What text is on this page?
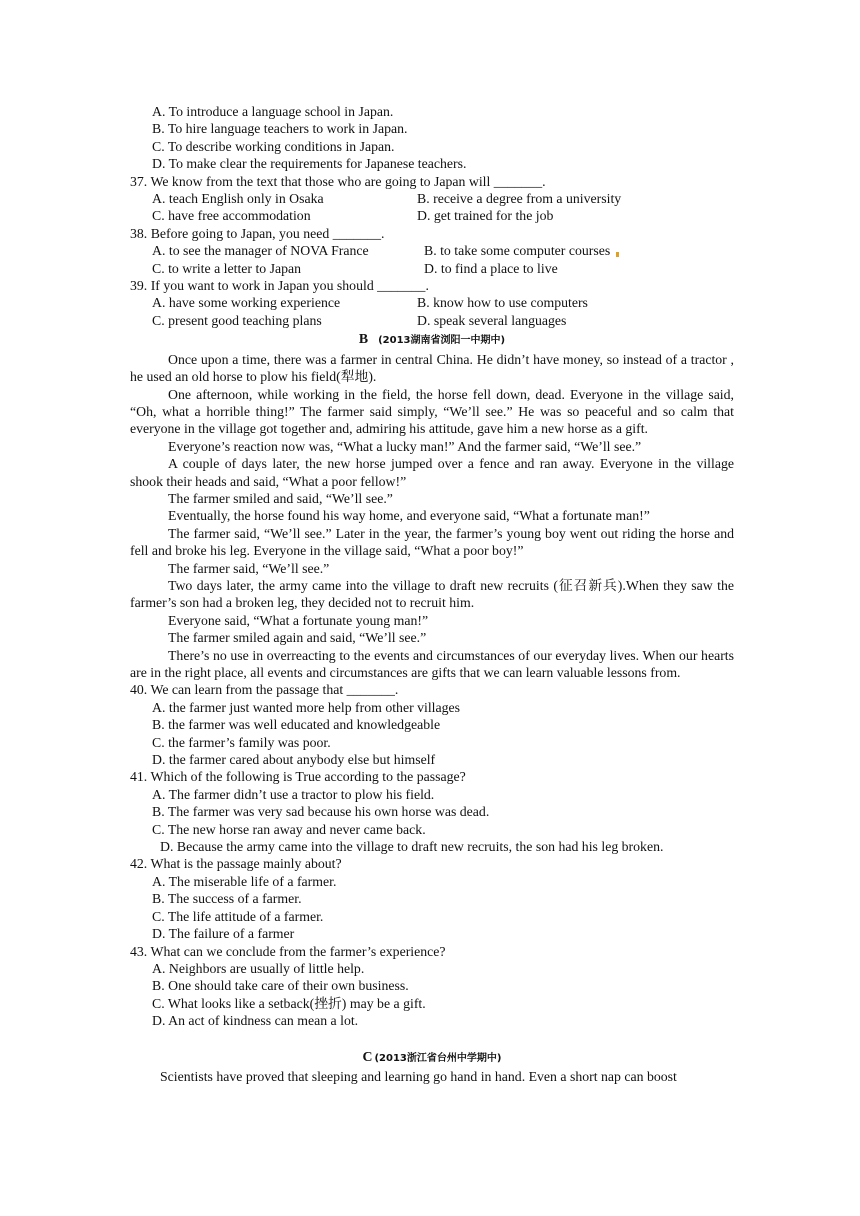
A. To introduce a language school in Japan.
B. To hire language teachers to work in Japan.
C. To describe working conditions in Japan.
D. To make clear the requirements for Japanese teachers.
37. We know from the text that those who are going to Japan will _______.
A. teach English only in Osaka	B. receive a degree from a university
C. have free accommodation	D. get trained for the job
38. Before going to Japan, you need _______.
A. to see the manager of NOVA France	B. to take some computer courses
C. to write a letter to Japan	D. to find a place to live
39. If you want to work in Japan you should _______.
A. have some working experience	B. know how to use computers
C. present good teaching plans	D. speak several languages
B (2013湖南省浏阳一中期中)
Once upon a time, there was a farmer in central China. He didn’t have money, so instead of a tractor , he used an old horse to plow his field(犁地).
One afternoon, while working in the field, the horse fell down, dead. Everyone in the village said, “Oh, what a horrible thing!” The farmer said simply, “We’ll see.” He was so peaceful and so calm that everyone in the village got together and, admiring his attitude, gave him a new horse as a gift.
Everyone’s reaction now was, “What a lucky man!” And the farmer said, “We’ll see.”
A couple of days later, the new horse jumped over a fence and ran away. Everyone in the village shook their heads and said, “What a poor fellow!”
The farmer smiled and said, “We’ll see.”
Eventually, the horse found his way home, and everyone said, “What a fortunate man!”
The farmer said, “We’ll see.” Later in the year, the farmer’s young boy went out riding the horse and fell and broke his leg. Everyone in the village said, “What a poor boy!”
The farmer said, “We’ll see.”
Two days later, the army came into the village to draft new recruits (征召新兵).When they saw the farmer’s son had a broken leg, they decided not to recruit him.
Everyone said, “What a fortunate young man!”
The farmer smiled again and said, “We’ll see.”
There’s no use in overreacting to the events and circumstances of our everyday lives. When our hearts are in the right place, all events and circumstances are gifts that we can learn valuable lessons from.
40. We can learn from the passage that _______.
A. the farmer just wanted more help from other villages
B. the farmer was well educated and knowledgeable
C. the farmer’s family was poor.
D. the farmer cared about anybody else but himself
41. Which of the following is True according to the passage?
A. The farmer didn’t use a tractor to plow his field.
B. The farmer was very sad because his own horse was dead.
C. The new horse ran away and never came back.
D. Because the army came into the village to draft new recruits, the son had his leg broken.
42. What is the passage mainly about?
A. The miserable life of a farmer.
B. The success of a farmer.
C. The life attitude of a farmer.
D. The failure of a farmer
43. What can we conclude from the farmer’s experience?
A. Neighbors are usually of little help.
B. One should take care of their own business.
C. What looks like a setback(挫折) may be a gift.
D. An act of kindness can mean a lot.
C (2013浙江省台州中学期中)
Scientists have proved that sleeping and learning go hand in hand. Even a short nap can boost
